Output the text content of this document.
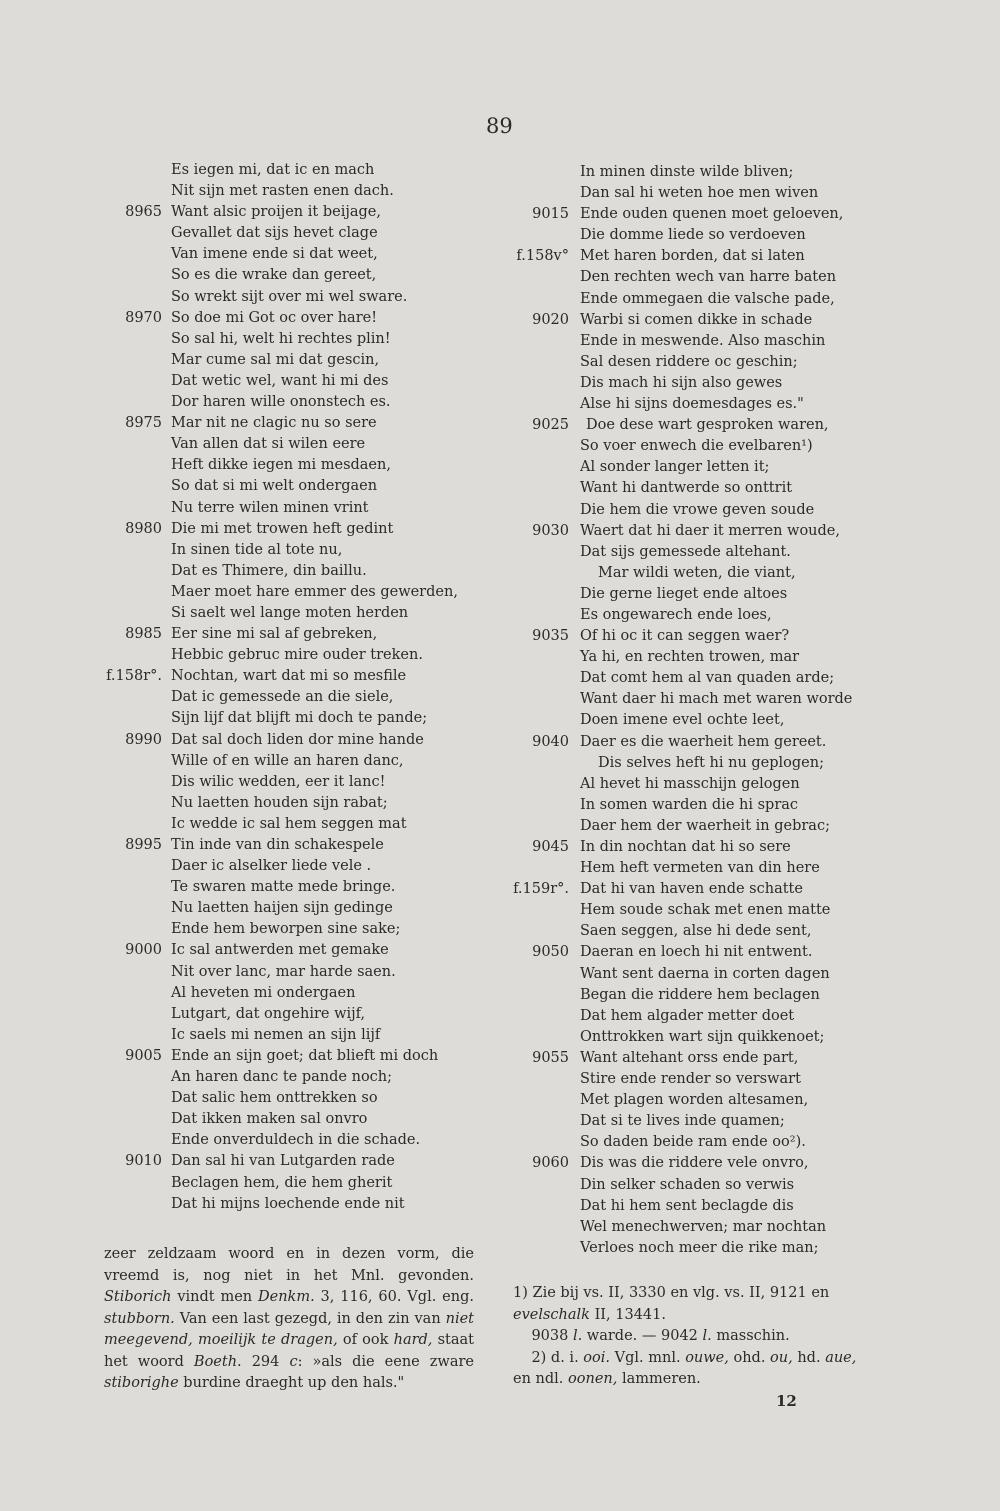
89
Es iegen mi, dat ic en mach
Nit sijn met rasten enen dach.
8965 Want alsic proijen it beijage,
Gevallet dat sijs hevet clage
Van imene ende si dat weet,
So es die wrake dan gereet,
So wrekt sijt over mi wel sware.
8970 So doe mi Got oc over hare!
So sal hi, welt hi rechtes plin!
Mar cume sal mi dat gescin,
Dat wetic wel, want hi mi des
Dor haren wille ononstech es.
8975 Mar nit ne clagic nu so sere
Van allen dat si wilen eere
Heft dikke iegen mi mesdaen,
So dat si mi welt ondergaen
Nu terre wilen minen vrint
8980 Die mi met trowen heft gedint
In sinen tide al tote nu,
Dat es Thimere, din baillu.
Maer moet hare emmer des gewerden,
Si saelt wel lange moten herden
8985 Eer sine mi sal af gebreken,
Hebbic gebruc mire ouder treken.
f.158r°. Nochtan, wart dat mi so mesfile
Dat ic gemessede an die siele,
Sijn lijf dat blijft mi doch te pande;
8990 Dat sal doch liden dor mine hande
Wille of en wille an haren danc,
Dis wilic wedden, eer it lanc!
Nu laetten houden sijn rabat;
Ic wedde ic sal hem seggen mat
8995 Tin inde van din schakespele
Daer ic alselker liede vele .
Te swaren matte mede bringe.
Nu laetten haijen sijn gedinge
Ende hem beworpen sine sake;
9000 Ic sal antwerden met gemake
Nit over lanc, mar harde saen.
Al heveten mi ondergaen
Lutgart, dat ongehire wijf,
Ic saels mi nemen an sijn lijf
9005 Ende an sijn goet; dat blieft mi doch
An haren danc te pande noch;
Dat salic hem onttrekken so
Dat ikken maken sal onvro
Ende onverduldech in die schade.
9010 Dan sal hi van Lutgarden rade
Beclagen hem, die hem gherit
Dat hi mijns loechende ende nit
In minen dinste wilde bliven;
Dan sal hi weten hoe men wiven
9015 Ende ouden quenen moet geloeven,
Die domme liede so verdoeven
f.158v° Met haren borden, dat si laten
Den rechten wech van harre baten
Ende ommegaen die valsche pade,
9020 Warbi si comen dikke in schade
Ende in meswende. Also maschin
Sal desen riddere oc geschin;
Dis mach hi sijn also gewes
Alse hi sijns doemesdages es."
9025	Doe dese wart gesproken waren,
So voer enwech die evelbaren¹)
Al sonder langer letten it;
Want hi dantwerde so onttrit
Die hem die vrowe geven soude
9030 Waert dat hi daer it merren woude,
Dat sijs gemessede altehant.
Mar wildi weten, die viant,
Die gerne lieget ende altoes
Es ongewarech ende loes,
9035 Of hi oc it can seggen waer?
Ya hi, en rechten trowen, mar
Dat comt hem al van quaden arde;
Want daer hi mach met waren worde
Doen imene evel ochte leet,
9040 Daer es die waerheit hem gereet.
Dis selves heft hi nu geplogen;
Al hevet hi masschijn gelogen
In somen warden die hi sprac
Daer hem der waerheit in gebrac;
9045 In din nochtan dat hi so sere
Hem heft vermeten van din here
f.159r°. Dat hi van haven ende schatte
Hem soude schak met enen matte
Saen seggen, alse hi dede sent,
9050 Daeran en loech hi nit entwent.
Want sent daerna in corten dagen
Began die riddere hem beclagen
Dat hem algader metter doet
Onttrokken wart sijn quikkenoet;
9055 Want altehant orss ende part,
Stire ende render so verswart
Met plagen worden altesamen,
Dat si te lives inde quamen;
So daden beide ram ende oo²).
9060 Dis was die riddere vele onvro,
Din selker schaden so verwis
Dat hi hem sent beclagde dis
Wel menechwerven; mar nochtan
Verloes noch meer die rike man;
zeer zeldzaam woord en in dezen vorm, die vreemd is, nog niet in het Mnl. gevonden. Stiborich vindt men Denkm. 3, 116, 60. Vgl. eng. stubborn. Van een last gezegd, in den zin van niet meegevend, moeilijk te dragen, of ook hard, staat het woord Boeth. 294 c: »als die eene zware stiborighe burdine draeght up den hals."

1) Zie bij vs. II, 3330 en vlg. vs. II, 9121 en evelschalk II, 13441.

9038 l. warde. — 9042 l. masschin.

2) d. i. ooi. Vgl. mnl. ouwe, ohd. ou, hd. aue, en ndl. oonen, lammeren.

12
